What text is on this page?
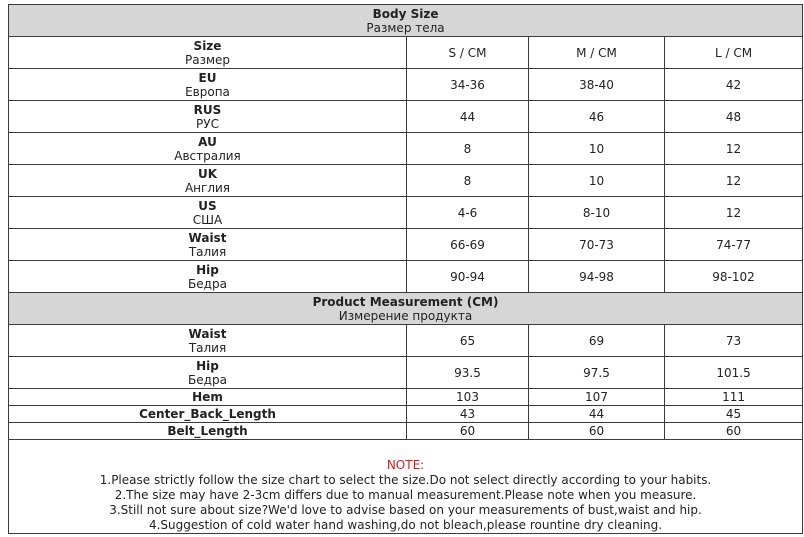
Body Size
Размер тела			

Size
Размер	S / CM	M / CM	L / CM

EU
Европа	34-36	38-40	42

RUS
РУС	44	46	48

AU
Австралия	8	10	12

UK
Англия	8	10	12

US
США	4-6	8-10	12

Waist
Талия	66-69	70-73	74-77

Hip
Бедра	90-94	94-98	98-102

Product Measurement (CM)
Измерение продукта			

Waist
Талия	65	69	73

Hip
Бедра	93.5	97.5	101.5

Hem	103	107	111

Center_Back_Length	43	44	45

Belt_Length	60	60	60

NOTE:
1.Please strictly follow the size chart to select the size.Do not select directly according to your habits.
2.The size may have 2-3cm differs due to manual measurement.Please note when you measure.
3.Still not sure about size?We'd love to advise based on your measurements of bust,waist and hip.
4.Suggestion of cold water hand washing,do not bleach,please rountine dry cleaning.			
